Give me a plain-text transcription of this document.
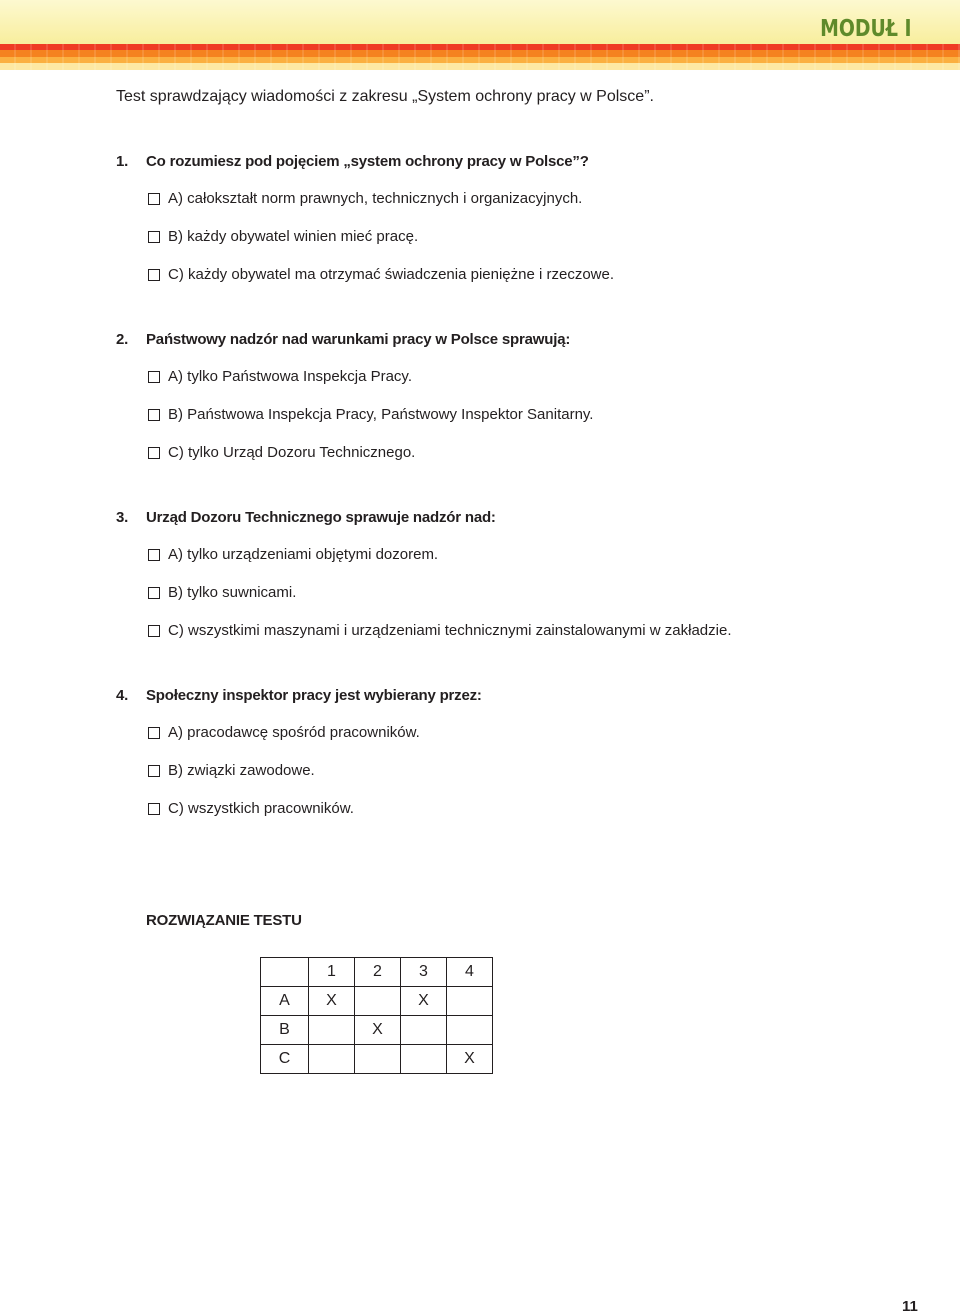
MODUŁ I
Test sprawdzający wiadomości z zakresu „System ochrony pracy w Polsce”.
1.	Co rozumiesz pod pojęciem „system ochrony pracy w Polsce”?
A) całokształt norm prawnych, technicznych i organizacyjnych.
B) każdy obywatel winien mieć pracę.
C) każdy obywatel ma otrzymać świadczenia pieniężne i rzeczowe.
2.	Państwowy nadzór nad warunkami pracy w Polsce sprawują:
A) tylko Państwowa Inspekcja Pracy.
B) Państwowa Inspekcja Pracy, Państwowy Inspektor Sanitarny.
C) tylko Urząd Dozoru Technicznego.
3.	Urząd Dozoru Technicznego sprawuje nadzór nad:
A) tylko urządzeniami objętymi dozorem.
B) tylko suwnicami.
C) wszystkimi maszynami i urządzeniami technicznymi zainstalowanymi w zakładzie.
4.	Społeczny inspektor pracy jest wybierany przez:
A) pracodawcę spośród pracowników.
B) związki zawodowe.
C) wszystkich pracowników.
ROZWIĄZANIE TESTU
	1	2	3	4
A	X		X	
B		X		
C				X
11
